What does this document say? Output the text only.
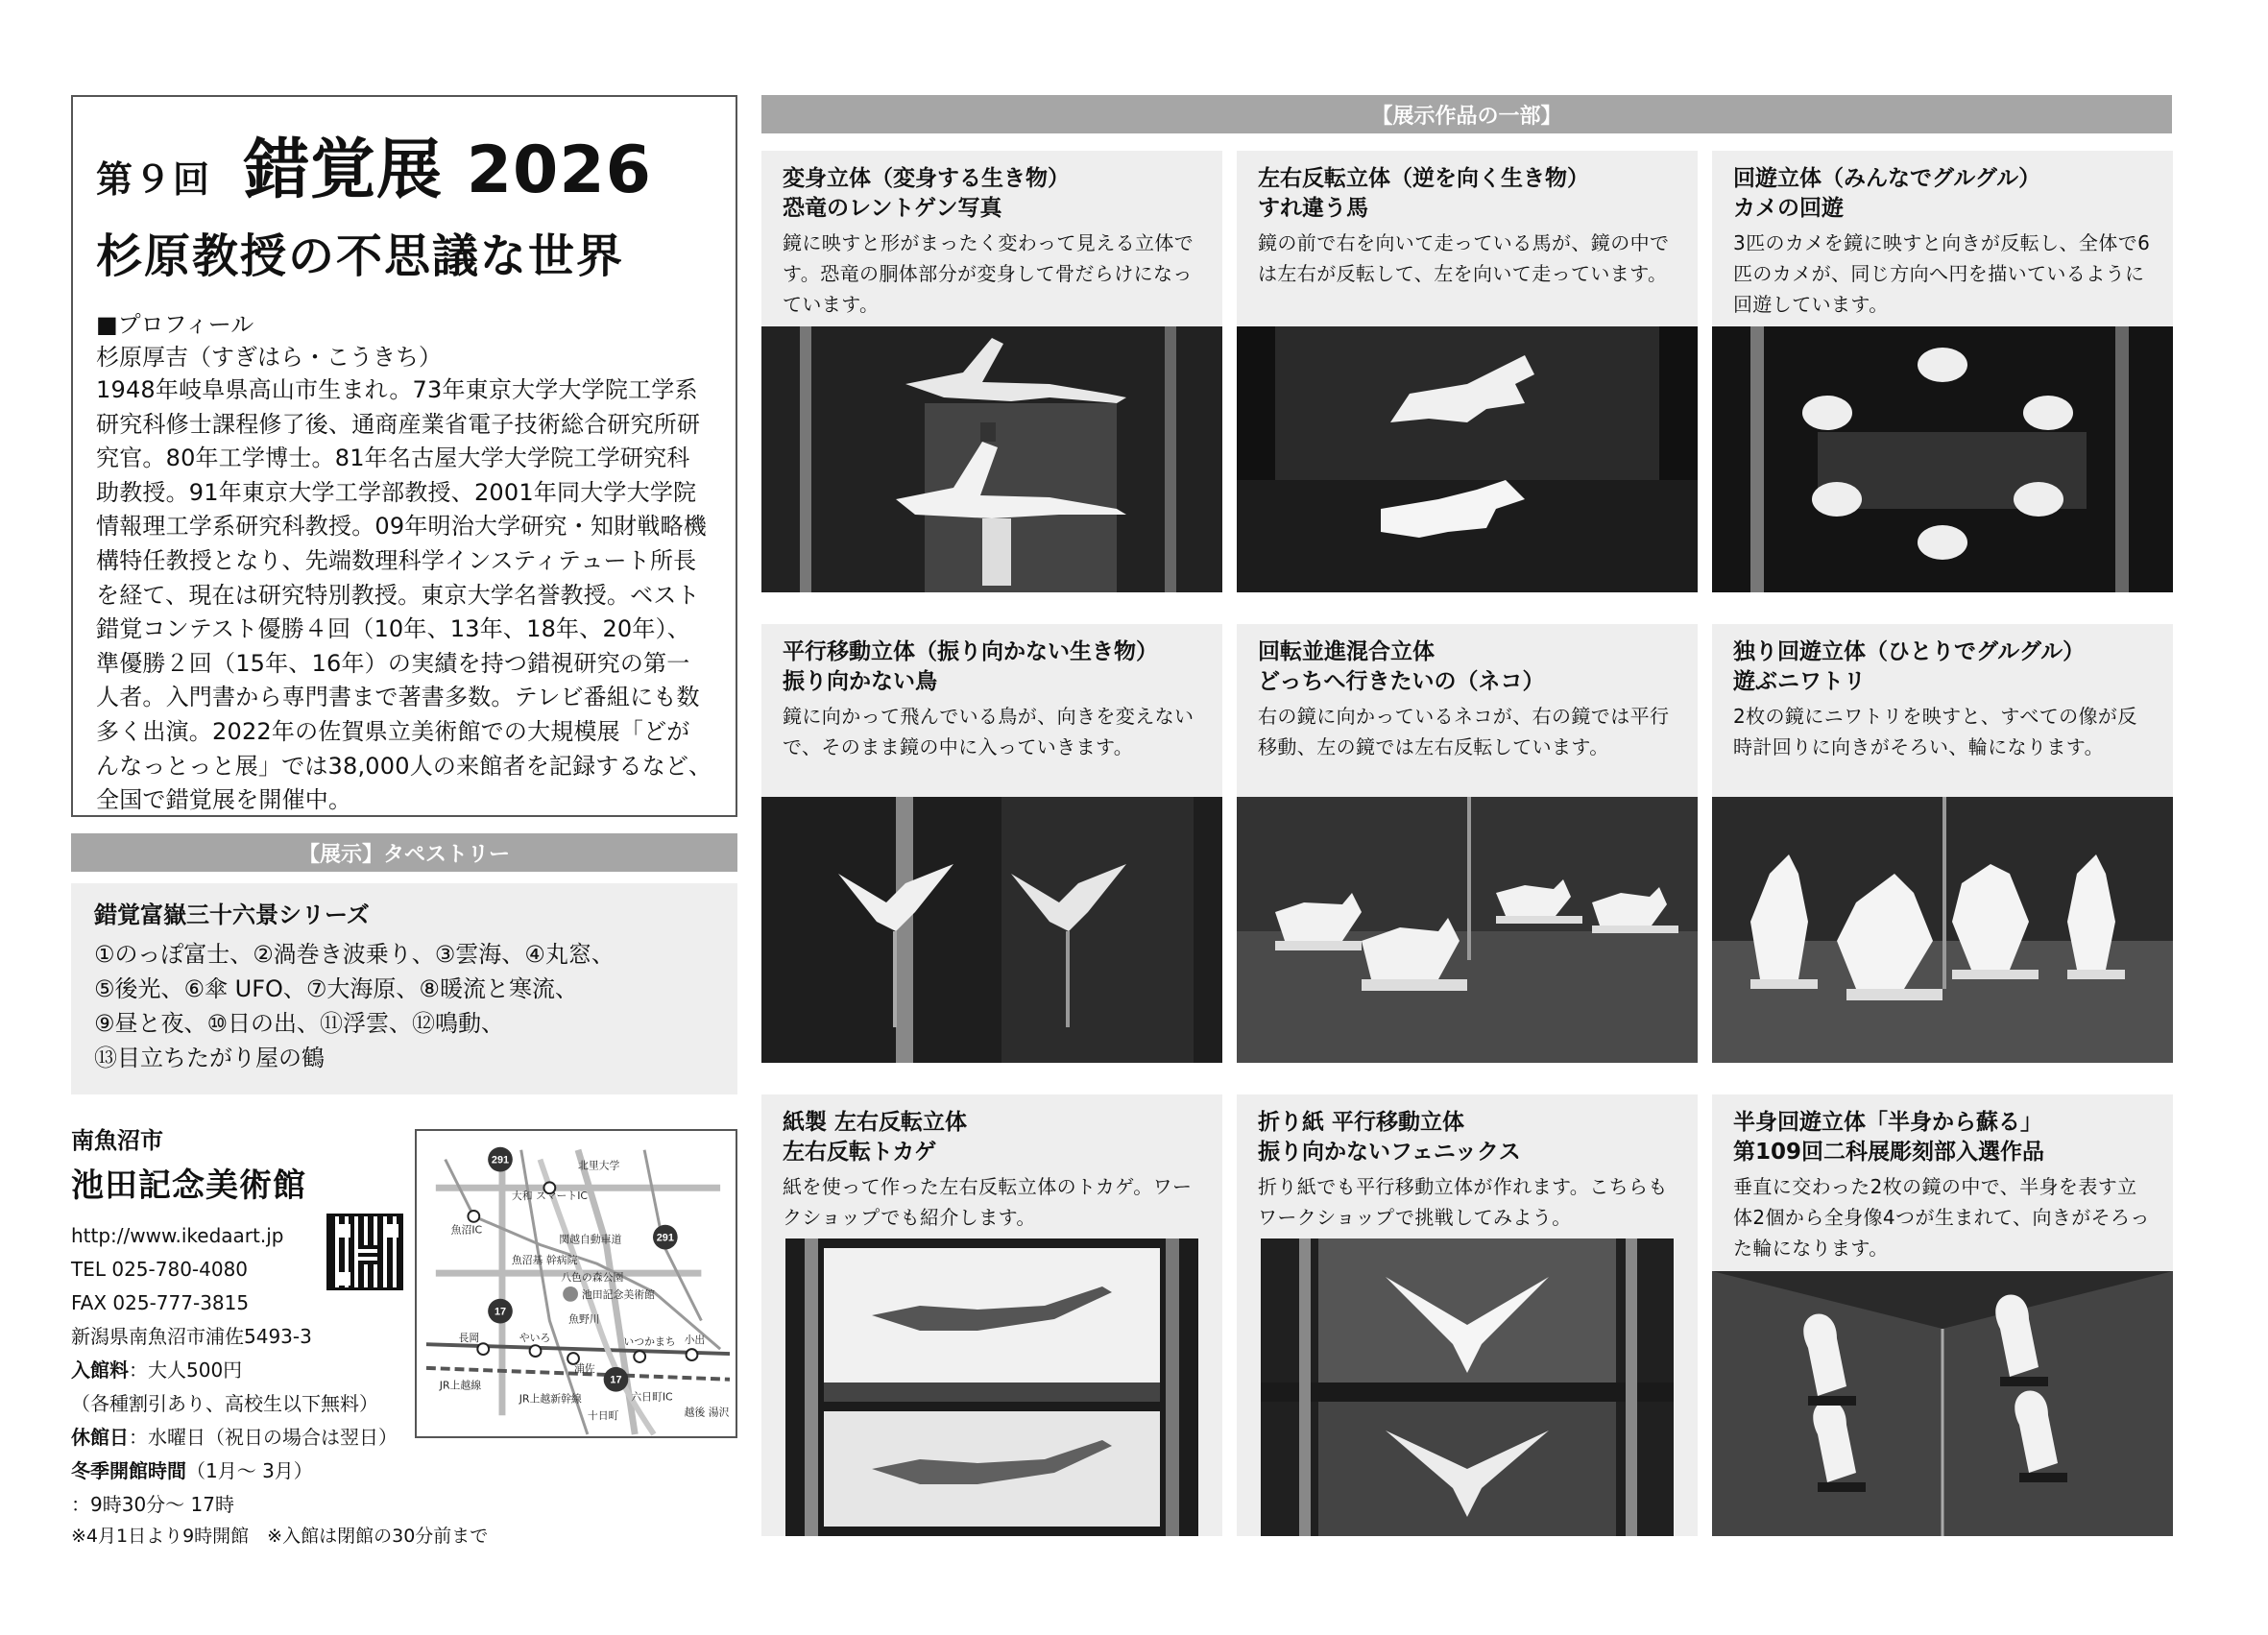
第９回 錯覚展 2026
杉原教授の不思議な世界
■プロフィール
杉原厚吉（すぎはら・こうきち）

1948年岐阜県高山市生まれ。73年東京大学大学院工学系研究科修士課程修了後、通商産業省電子技術総合研究所研究官。80年工学博士。81年名古屋大学大学院工学研究科助教授。91年東京大学工学部教授、2001年同大学大学院情報理工学系研究科教授。09年明治大学研究・知財戦略機構特任教授となり、先端数理科学インスティテュート所長を経て、現在は研究特別教授。東京大学名誉教授。ベスト錯覚コンテスト優勝４回（10年、13年、18年、20年）、準優勝２回（15年、16年）の実績を持つ錯視研究の第一人者。入門書から専門書まで著書多数。テレビ番組にも数多く出演。2022年の佐賀県立美術館での大規模展「どがんなっとっと展」では38,000人の来館者を記録するなど、全国で錯覚展を開催中。

【展示】タペストリー
錯覚富嶽三十六景シリーズ
①のっぽ富士、②渦巻き波乗り、③雲海、④丸窓、
⑤後光、⑥傘 UFO、⑦大海原、⑧暖流と寒流、
⑨昼と夜、⑩日の出、⑪浮雲、⑫鳴動、
⑬目立ちたがり屋の鶴
南魚沼市
池田記念美術館
http://www.ikedaart.jp
TEL 025-780-4080
FAX 025-777-3815
新潟県南魚沼市浦佐5493-3
入館料：大人500円
（各種割引あり、高校生以下無料）
休館日：水曜日（祝日の場合は翌日）
冬季開館時間（1月～ 3月）
：9時30分～ 17時
※4月1日より9時開館　※入館は閉館の30分前まで
291
291
17
17
大和 スマートIC
北里大学
魚沼IC
関越自動車道
魚沼基 幹病院
八色の森公園
池田記念美術館
魚野川
長岡	やいろ
浦佐
いつかまち 小出
JR上越線
JR上越新幹線	六日町IC
十日町	越後 湯沢
【展示作品の一部】
変身立体（変身する生き物）
恐竜のレントゲン写真

鏡に映すと形がまったく変わって見える立体です。恐竜の胴体部分が変身して骨だらけになっています。

左右反転立体（逆を向く生き物）
すれ違う馬

鏡の前で右を向いて走っている馬が、鏡の中では左右が反転して、左を向いて走っています。

回遊立体（みんなでグルグル）
カメの回遊

3匹のカメを鏡に映すと向きが反転し、全体で6匹のカメが、同じ方向へ円を描いているように回遊しています。

平行移動立体（振り向かない生き物）
振り向かない鳥

鏡に向かって飛んでいる鳥が、向きを変えないで、そのまま鏡の中に入っていきます。

回転並進混合立体
どっちへ行きたいの（ネコ）

右の鏡に向かっているネコが、右の鏡では平行移動、左の鏡では左右反転しています。

独り回遊立体（ひとりでグルグル）
遊ぶニワトリ

2枚の鏡にニワトリを映すと、すべての像が反時計回りに向きがそろい、輪になります。

紙製 左右反転立体
左右反転トカゲ

紙を使って作った左右反転立体のトカゲ。ワークショップでも紹介します。

折り紙 平行移動立体
振り向かないフェニックス

折り紙でも平行移動立体が作れます。こちらもワークショップで挑戦してみよう。

半身回遊立体「半身から蘇る」
第109回二科展彫刻部入選作品

垂直に交わった2枚の鏡の中で、半身を表す立体2個から全身像4つが生まれて、向きがそろった輪になります。
